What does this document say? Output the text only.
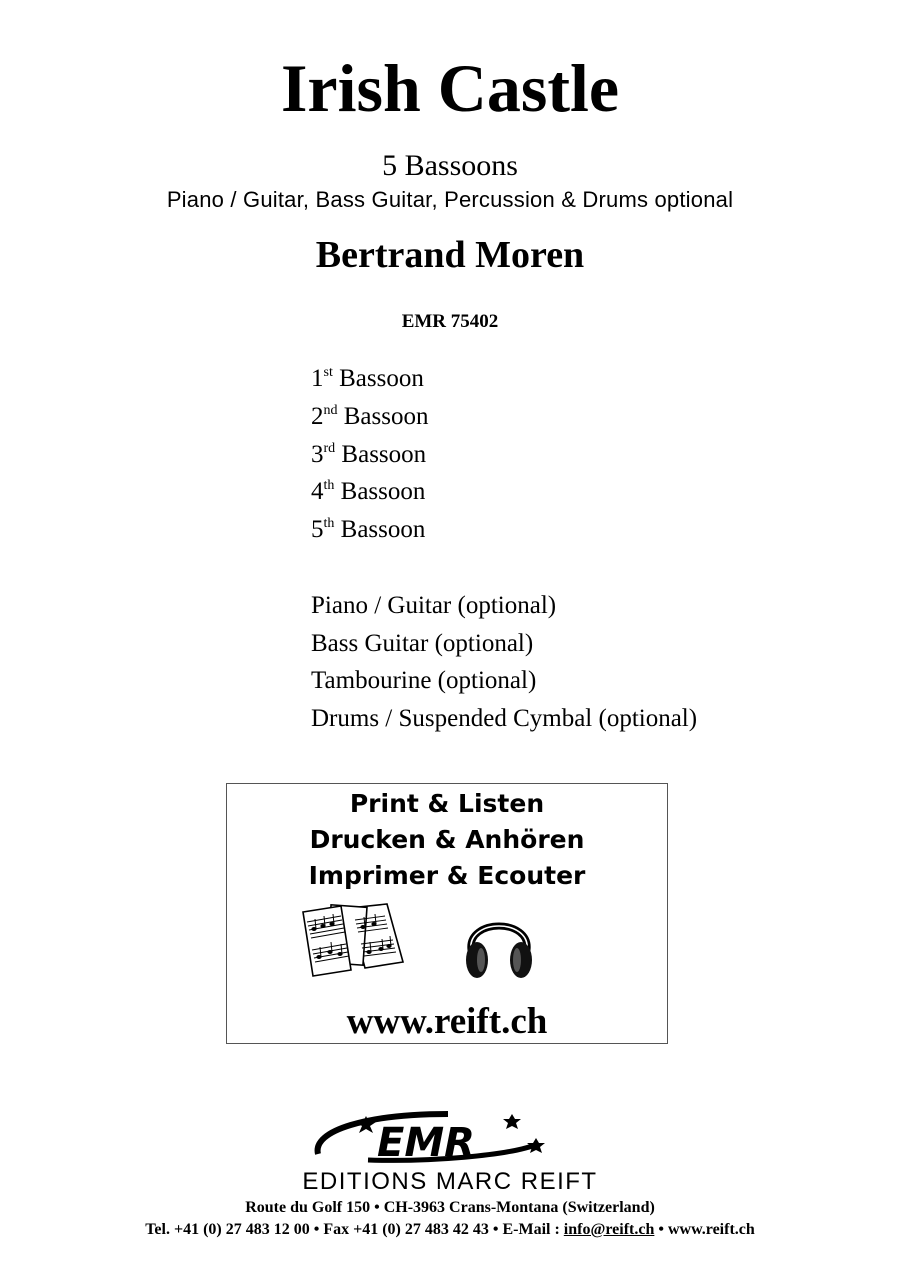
Irish Castle
5 Bassoons
Piano / Guitar, Bass Guitar, Percussion & Drums optional
Bertrand Moren
EMR 75402
1st Bassoon
2nd Bassoon
3rd Bassoon
4th Bassoon
5th Bassoon
Piano / Guitar (optional)
Bass Guitar (optional)
Tambourine (optional)
Drums / Suspended Cymbal (optional)
Print & Listen
Drucken & Anhören
Imprimer & Ecouter
www.reift.ch
EMR
EDITIONS MARC REIFT
Route du Golf 150 • CH-3963 Crans-Montana (Switzerland)
Tel. +41 (0) 27 483 12 00 • Fax +41 (0) 27 483 42 43 • E-Mail : info@reift.ch • www.reift.ch
